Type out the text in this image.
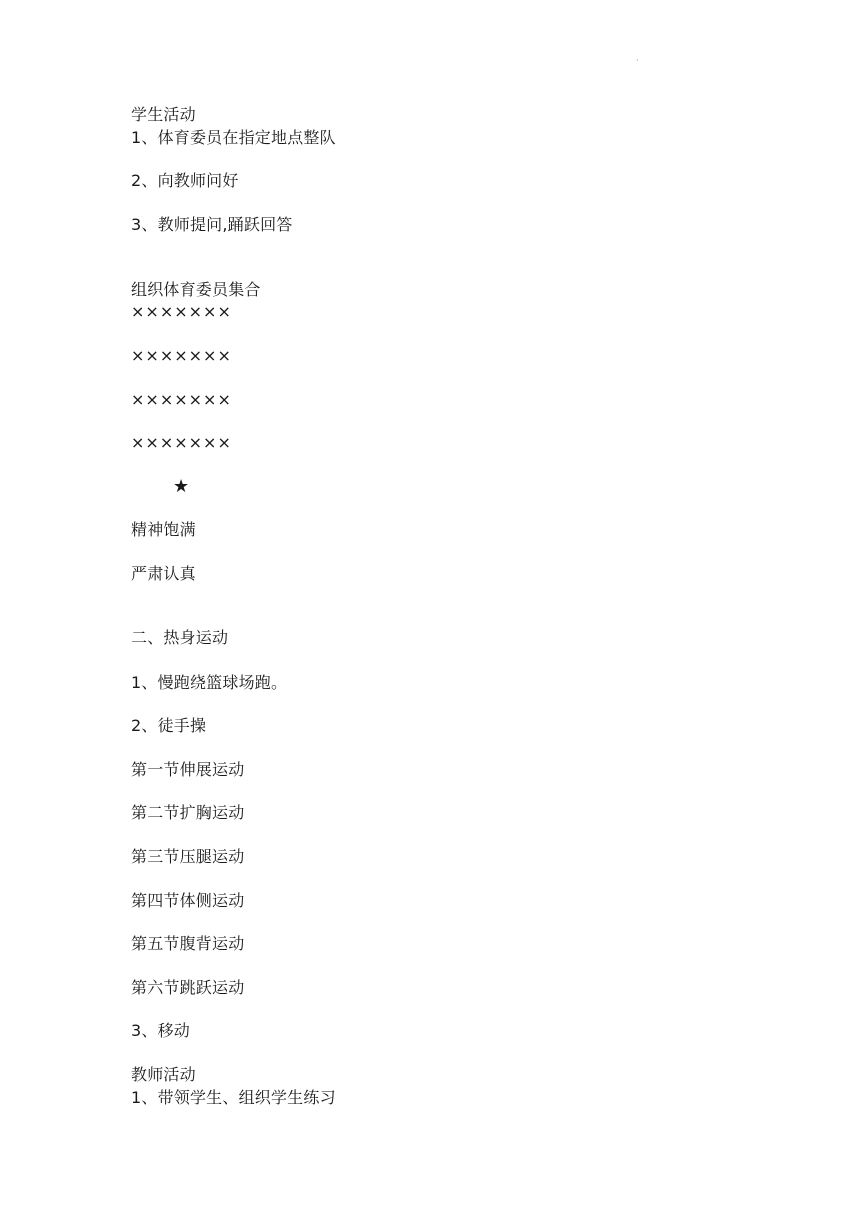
·
学生活动
1、体育委员在指定地点整队
2、向教师问好
3、教师提问,踊跃回答
组织体育委员集合
×××××××
×××××××
×××××××
×××××××
★
精神饱满
严肃认真
二、热身运动
1、慢跑绕篮球场跑。
2、徒手操
第一节伸展运动
第二节扩胸运动
第三节压腿运动
第四节体侧运动
第五节腹背运动
第六节跳跃运动
3、移动
教师活动
1、带领学生、组织学生练习
